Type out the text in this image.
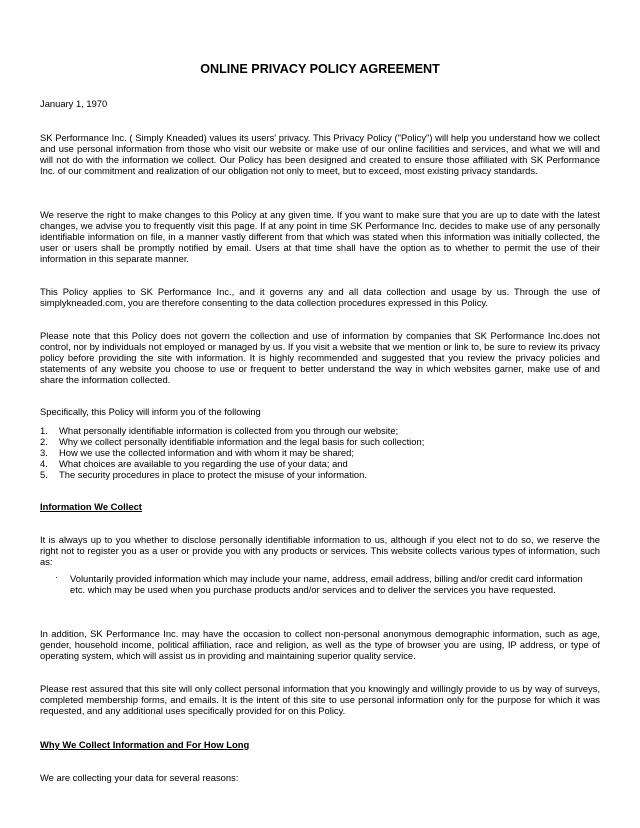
ONLINE PRIVACY POLICY AGREEMENT

January 1, 1970

SK Performance Inc. ( Simply Kneaded) values its users' privacy. This Privacy Policy ("Policy") will help you understand how we collect and use personal information from those who visit our website or make use of our online facilities and services, and what we will and will not do with the information we collect. Our Policy has been designed and created to ensure those affiliated with SK Performance Inc. of our commitment and realization of our obligation not only to meet, but to exceed, most existing privacy standards.

We reserve the right to make changes to this Policy at any given time. If you want to make sure that you are up to date with the latest changes, we advise you to frequently visit this page. If at any point in time SK Performance Inc. decides to make use of any personally identifiable information on file, in a manner vastly different from that which was stated when this information was initially collected, the user or users shall be promptly notified by email. Users at that time shall have the option as to whether to permit the use of their information in this separate manner.

This Policy applies to SK Performance Inc., and it governs any and all data collection and usage by us. Through the use of simplykneaded.com, you are therefore consenting to the data collection procedures expressed in this Policy.

Please note that this Policy does not govern the collection and use of information by companies that SK Performance Inc.does not control, nor by individuals not employed or managed by us. If you visit a website that we mention or link to, be sure to review its privacy policy before providing the site with information. It is highly recommended and suggested that you review the privacy policies and statements of any website you choose to use or frequent to better understand the way in which websites garner, make use of and share the information collected.

Specifically, this Policy will inform you of the following

1. What personally identifiable information is collected from you through our website;
2. Why we collect personally identifiable information and the legal basis for such collection;
3. How we use the collected information and with whom it may be shared;
4. What choices are available to you regarding the use of your data; and
5. The security procedures in place to protect the misuse of your information.
Information We Collect

It is always up to you whether to disclose personally identifiable information to us, although if you elect not to do so, we reserve the right not to register you as a user or provide you with any products or services. This website collects various types of information, such as:

·	Voluntarily provided information which may include your name, address, email address, billing and/or credit card information etc. which may be used when you purchase products and/or services and to deliver the services you have requested.

In addition, SK Performance Inc. may have the occasion to collect non-personal anonymous demographic information, such as age, gender, household income, political affiliation, race and religion, as well as the type of browser you are using, IP address, or type of operating system, which will assist us in providing and maintaining superior quality service.

Please rest assured that this site will only collect personal information that you knowingly and willingly provide to us by way of surveys, completed membership forms, and emails. It is the intent of this site to use personal information only for the purpose for which it was requested, and any additional uses specifically provided for on this Policy.

Why We Collect Information and For How Long

We are collecting your data for several reasons:
